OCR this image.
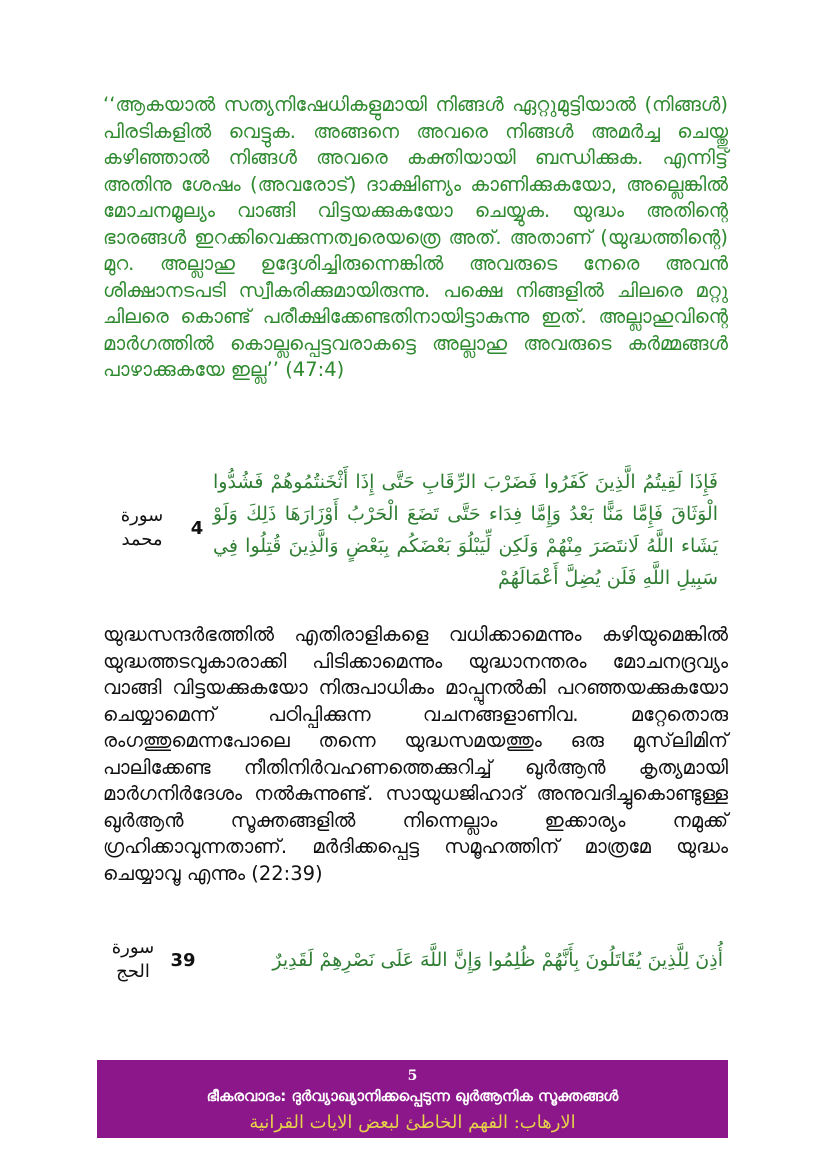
‘‘ആകയാൽ സത്യനിഷേധികളുമായി നിങ്ങൾ ഏറ്റുമുട്ടിയാൽ (നിങ്ങൾ) പിരടികളിൽ വെട്ടുക. അങ്ങനെ അവരെ നിങ്ങൾ അമർച്ച ചെയ്തു കഴിഞ്ഞാൽ നിങ്ങൾ അവരെ കക്തിയായി ബന്ധിക്കുക. എന്നിട്ട് അതിനു ശേഷം (അവരോട്) ദാക്ഷിണ്യം കാണിക്കുകയോ, അല്ലെങ്കിൽ മോചനമൂല്യം വാങ്ങി വിട്ടയക്കുകയോ ചെയ്യുക. യുദ്ധം അതിന്റെ ഭാരങ്ങൾ ഇറക്കിവെക്കുന്നത്വരെയത്രെ അത്. അതാണ് (യുദ്ധത്തിന്റെ) മുറ. അല്ലാഹു ഉദ്ദേശിച്ചിരുന്നെങ്കിൽ അവരുടെ നേരെ അവൻ ശിക്ഷാനടപടി സ്വീകരിക്കുമായിരുന്നു. പക്ഷെ നിങ്ങളിൽ ചിലരെ മറ്റു ചിലരെ കൊണ്ട് പരീക്ഷിക്കേണ്ടതിനായിട്ടാകുന്നു ഇത്. അല്ലാഹുവിന്റെ മാർഗത്തിൽ കൊല്ലപ്പെട്ടവരാകട്ടെ അല്ലാഹു അവരുടെ കർമ്മങ്ങൾ പാഴാക്കുകയേ ഇല്ല’’ (47:4)

سورة محمد
4

فَإِذَا لَقِيتُمُ الَّذِينَ كَفَرُوا فَضَرْبَ الرِّقَابِ حَتَّى إِذَا أَثْخَنتُمُوهُمْ فَشُدُّوا الْوَثَاقَ فَإِمَّا مَنًّا بَعْدُ وَإِمَّا فِدَاء حَتَّى تَضَعَ الْحَرْبُ أَوْزَارَهَا ذَلِكَ وَلَوْ يَشَاء اللَّهُ لَانتَصَرَ مِنْهُمْ وَلَكِن لِّيَبْلُوَ بَعْضَكُم بِبَعْضٍ وَالَّذِينَ قُتِلُوا فِي سَبِيلِ اللَّهِ فَلَن يُضِلَّ أَعْمَالَهُمْ

യുദ്ധസന്ദർഭത്തിൽ എതിരാളികളെ വധിക്കാമെന്നും കഴിയുമെങ്കിൽ യുദ്ധത്തടവുകാരാക്കി പിടിക്കാമെന്നും യുദ്ധാനന്തരം മോചനദ്രവ്യം വാങ്ങി വിട്ടയക്കുകയോ നിരുപാധികം മാപ്പുനൽകി പറഞ്ഞയക്കുകയോ ചെയ്യാമെന്ന് പഠിപ്പിക്കുന്ന വചനങ്ങളാണിവ. മറ്റേതൊരു രംഗത്തുമെന്നപോലെ തന്നെ യുദ്ധസമയത്തും ഒരു മുസ്‌ലിമിന് പാലിക്കേണ്ട നീതിനിർവഹണത്തെക്കുറിച്ച് ഖുർആൻ കൃത്യമായി മാർഗനിർദേശം നൽകുന്നുണ്ട്. സായുധജിഹാദ് അനുവദിച്ചുകൊണ്ടുള്ള ഖുർആൻ സൂക്തങ്ങളിൽ നിന്നെല്ലാം ഇക്കാര്യം നമുക്ക് ഗ്രഹിക്കാവുന്നതാണ്. മർദിക്കപ്പെട്ട സമൂഹത്തിന് മാത്രമേ യുദ്ധം ചെയ്യാവൂ എന്നും (22:39)

سورة الحج
39	أُذِنَ لِلَّذِينَ يُقَاتَلُونَ بِأَنَّهُمْ ظُلِمُوا وَإِنَّ اللَّهَ عَلَى نَصْرِهِمْ لَقَدِيرٌ

5
ഭീകരവാദം: ദുർവ്യാഖ്യാനിക്കപ്പെടുന്ന ഖുർആനിക സൂക്തങ്ങൾ
الارهاب: الفهم الخاطئ لبعض الايات القرانية
